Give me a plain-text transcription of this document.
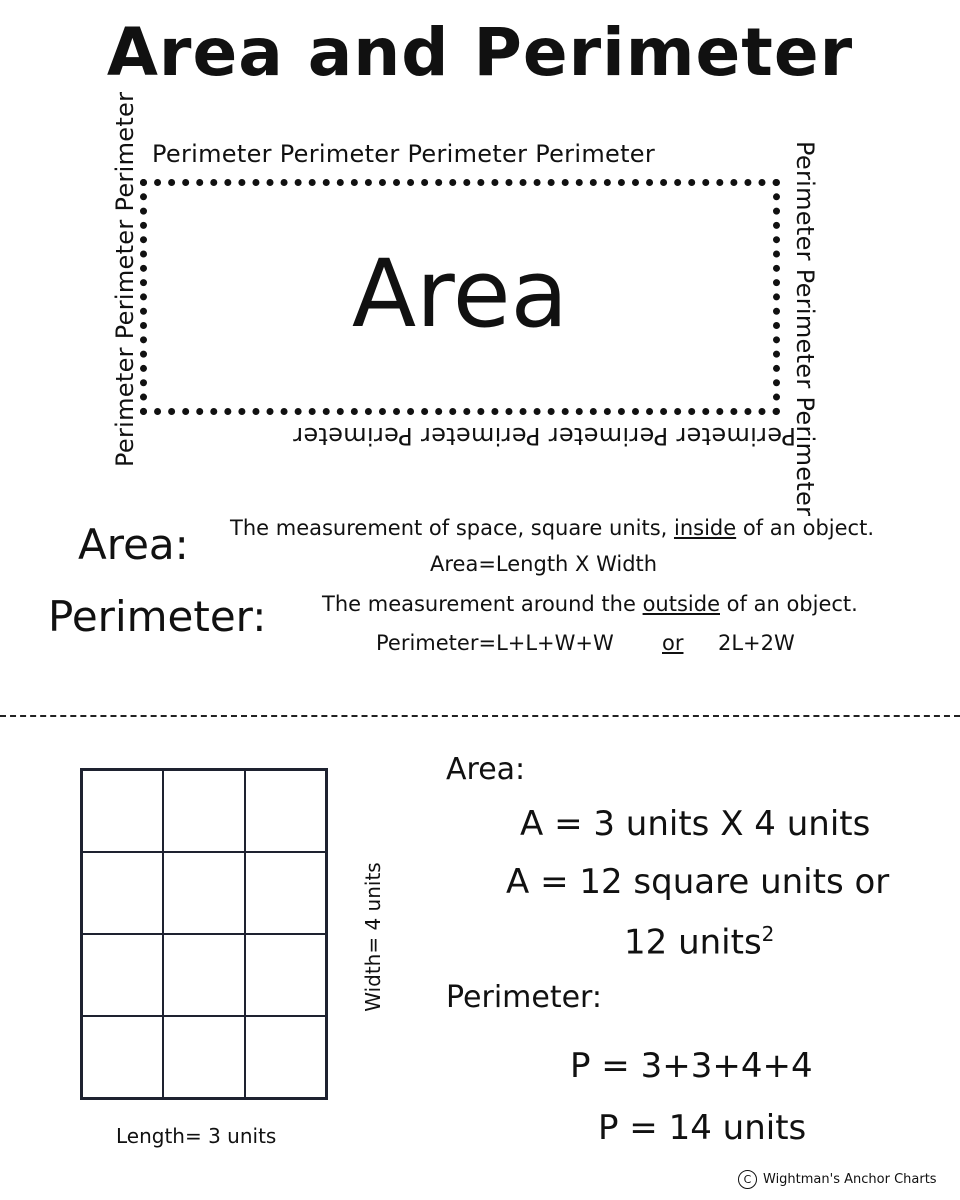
Area and Perimeter
Perimeter Perimeter Perimeter Perimeter
Perimeter Perimeter Perimeter	Perimeter Perimeter Perimeter
Perimeter Perimeter Perimeter Perimeter
Area
Area: The measurement of space, square units, inside of an object.
Area=Length X Width
Perimeter:	The measurement around the outside of an object.
Perimeter=L+L+W+W or 2L+2W
Length= 3 units
Width= 4 units
Area:
A = 3 units X 4 units
A = 12 square units or
12 units$^2$
Perimeter:
P = 3+3+4+4
P = 14 units
C Wightman's Anchor Charts
